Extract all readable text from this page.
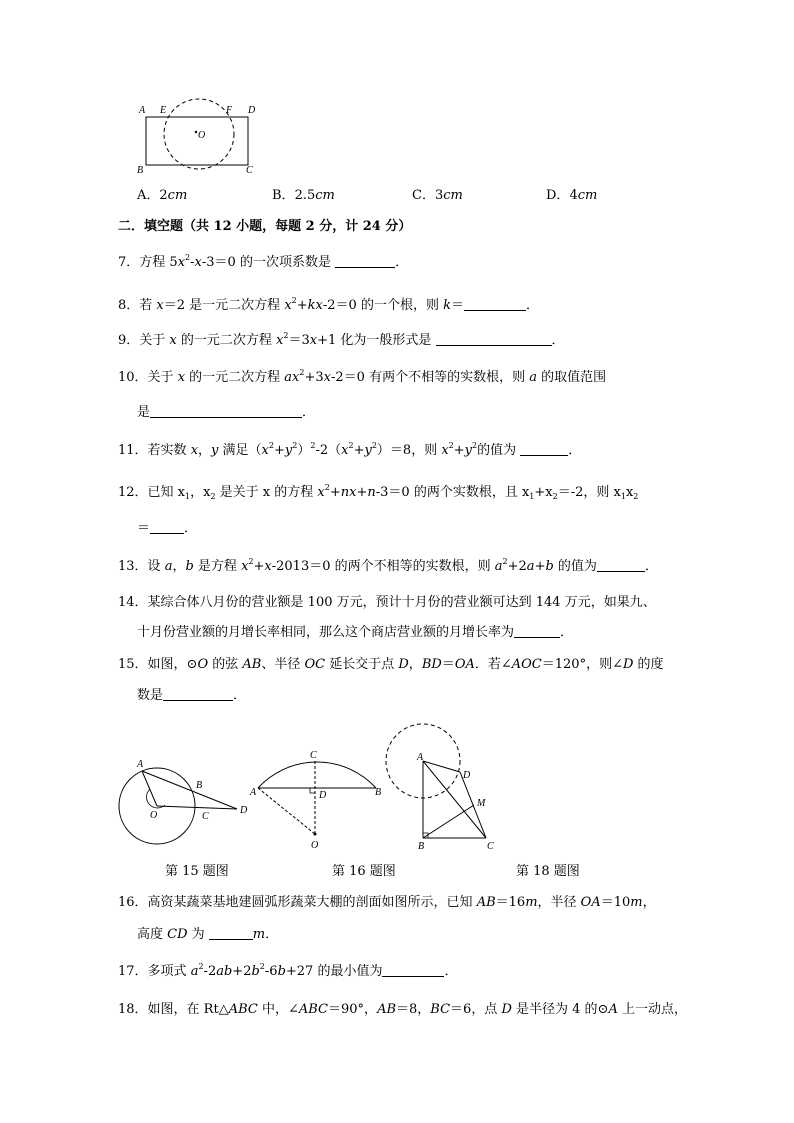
A E	F D
O
B	C
A．2cm	B．2.5cm	C．3cm	D．4cm
二．填空题（共 12 小题，每题 2 分，计 24 分）
7．方程 $5x^2-x-3=0$ 的一次项系数是	．
8．若 x＝2 是一元二次方程 $x^2+kx-2=0$ 的一个根，则 k＝	．
9．关于 x 的一元二次方程 $x^2=3x+1$ 化为一般形式是	．
10．关于 x 的一元二次方程 $ax^2+3x-2=0$ 有两个不相等的实数根，则 a 的取值范围
是	．
11．若实数 x，y 满足$(x^2+y^2)^2-2(x^2+y^2)=8$，则 $x^2+y^2$的值为	．
12．已知 $x_1$，$x_2$ 是关于 x 的方程 $x^2+nx+n-3=0$ 的两个实数根，且 $x_1+x_2=-2$，则 $x_1x_2$
＝	．
13．设 a，b 是方程 $x^2+x-2013=0$ 的两个不相等的实数根，则 $a^2+2a+b$ 的值为	．
14．某综合体八月份的营业额是 100 万元，预计十月份的营业额可达到 144 万元，如果九、
十月份营业额的月增长率相同，那么这个商店营业额的月增长率为	．
15．如图，⊙O 的弦 AB、半径 OC 延长交于点 D，BD＝OA．若∠AOC＝120°，则∠D 的度
数是	．
A
B
O	C
D
C
A	D	B
O
A
D
M
B	C
第 15 题图	第 16 题图	第 18 题图
16．高资某蔬菜基地建圆弧形蔬菜大棚的剖面如图所示，已知 AB＝16m，半径 OA＝10m，
高度 CD 为	m．
17．多项式 $a^2-2ab+2b^2-6b+27$ 的最小值为	．
18．如图，在 Rt△ABC 中，∠ABC＝90°，AB＝8，BC＝6，点 D 是半径为 4 的⊙A 上一动点，
